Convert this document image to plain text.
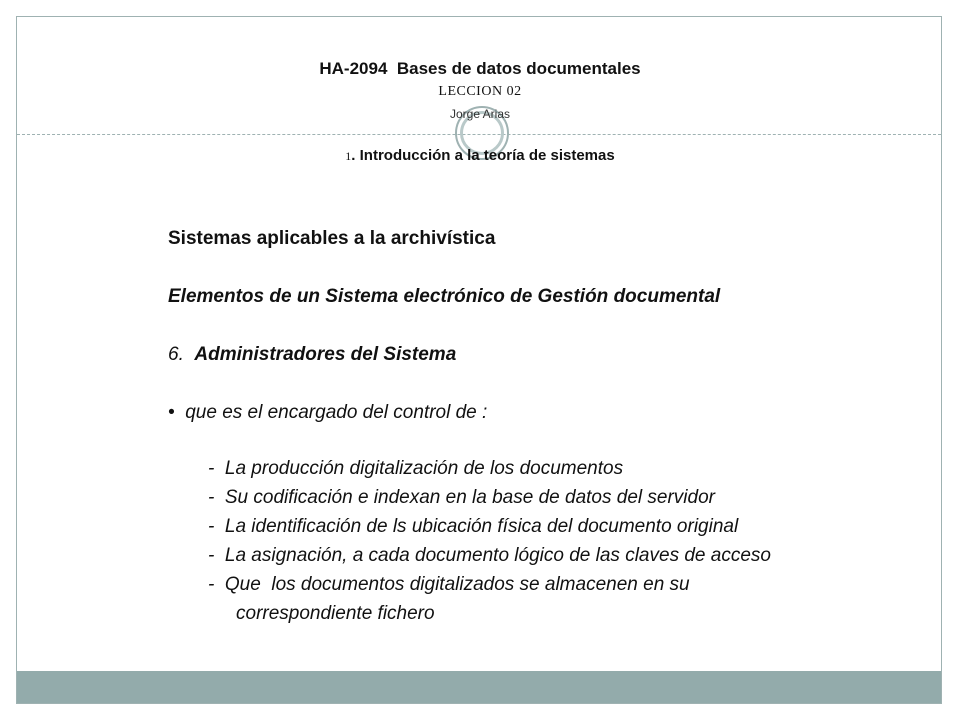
HA-2094  Bases de datos documentales
LECCION 02
Jorge Arias
1. Introducción a la teoría de sistemas
Sistemas aplicables a la archivística
Elementos de un Sistema electrónico de Gestión documental
6.  Administradores del Sistema
•  que es el encargado del control de :
-  La producción digitalización de los documentos
-  Su codificación e indexan en la base de datos del servidor
-  La identificación de ls ubicación física del documento original
-  La asignación, a cada documento lógico de las claves de acceso
-  Que  los documentos digitalizados se almacenen en su
correspondiente fichero
